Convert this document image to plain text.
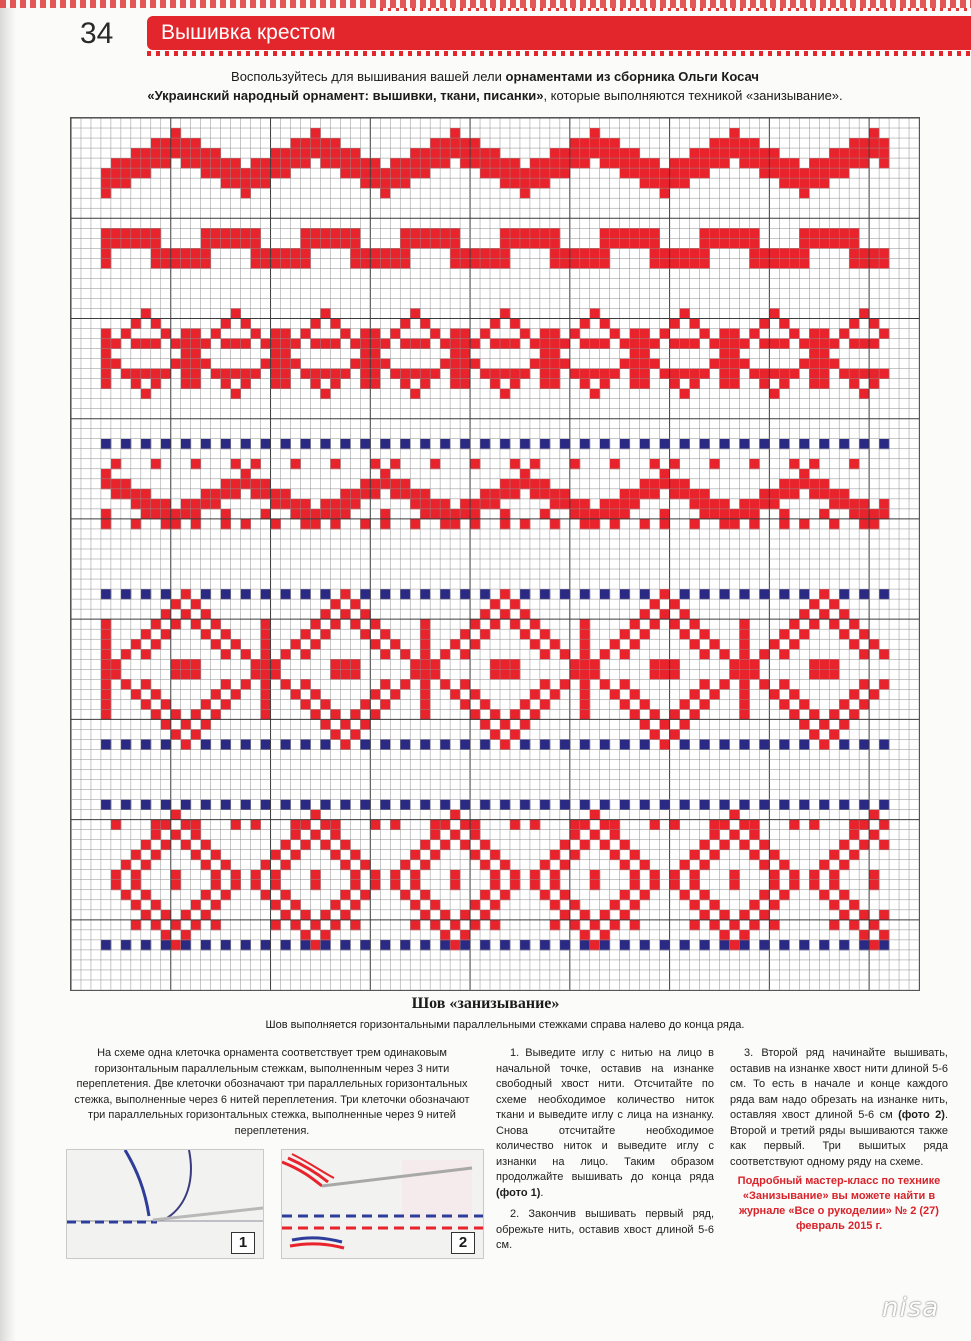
34	Вышивка крестом
Воспользуйтесь для вышивания вашей лели орнаментами из сборника Ольги Косач
«Украинский народный орнамент: вышивки, ткани, писанки», которые выполняются техникой «занизывание».
Шов «занизывание»
Шов выполняется горизонтальными параллельными стежками справа налево до конца ряда.

На схеме одна клеточка орнамента соответствует трем одинаковым горизонтальным параллельным стежкам, выполненным через 3 нити переплетения. Две клеточки обозначают три параллельных горизонтальных стежка, выполненные через 6 нитей переплетения. Три клеточки обозначают три параллельных горизонтальных стежка, выполненные через 9 нитей переплетения.

1	2

1. Выведите иглу с нитью на лицо в начальной точке, оставив на изнанке свободный хвост нити. Отсчитайте по схеме необходимое количество ниток ткани и выведите иглу с лица на изнанку. Снова отсчитайте необходимое количество ниток и выведите иглу с изнанки на лицо. Таким образом продолжайте вышивать до конца ряда (фото 1).

2. Закончив вышивать первый ряд, обрежьте нить, оставив хвост длиной 5-6 см.

3. Второй ряд начинайте вышивать, оставив на изнанке хвост нити длиной 5-6 см. То есть в начале и конце каждого ряда вам надо обрезать на изнанке нить, оставляя хвост длиной 5-6 см (фото 2). Второй и третий ряды вышиваются также как первый. Три вышитых ряда соответствуют одному ряду на схеме.

Подробный мастер-класс по технике «Занизывание» вы можете найти в журнале «Все о рукоделии» № 2 (27) февраль 2015 г.
nisa
